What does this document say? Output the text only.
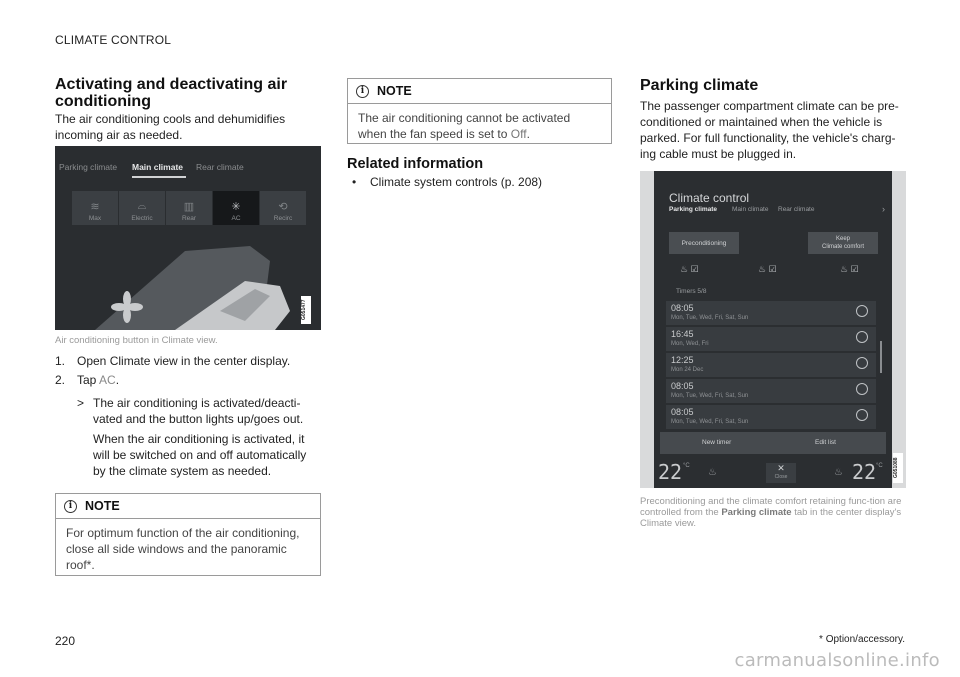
CLIMATE CONTROL
Activating and deactivating air conditioning
The air conditioning cools and dehumidifies incoming air as needed.
Parking climate Main climate Rear climate
≋
Max
⌓
Electric
▥
Rear
✳
AC
⟲
Recirc
G051477
Air conditioning button in Climate view.
1. Open Climate view in the center display.
2. Tap AC.
> The air conditioning is activated/deacti-vated and the button lights up/goes out.
When the air conditioning is activated, it will be switched on and off automatically by the climate system as needed.
i	NOTE
For optimum function of the air conditioning, close all side windows and the panoramic roof*.
i	NOTE
The air conditioning cannot be activated when the fan speed is set to Off.
Related information
• Climate system controls (p. 208)
Parking climate
The passenger compartment climate can be pre-conditioned or maintained when the vehicle is parked. For full functionality, the vehicle's charg-ing cable must be plugged in.
Climate control
Parking climate Main climate Rear climate	›
Preconditioning
Keep
Climate comfort
♨ ☑	♨ ☑	♨ ☑
Timers 5/8
08:05
Mon, Tue, Wed, Fri, Sat, Sun
16:45
Mon, Wed, Fri
12:25
Mon 24 Dec
08:05
Mon, Tue, Wed, Fri, Sat, Sun
08:05
Mon, Tue, Wed, Fri, Sat, Sun
New timer	Edit list
22 °C
♨	✕
Close	♨ 22 °C G051088
Preconditioning and the climate comfort retaining func-tion are controlled from the Parking climate tab in the center display's Climate view.
220	* Option/accessory.
carmanualsonline.info
